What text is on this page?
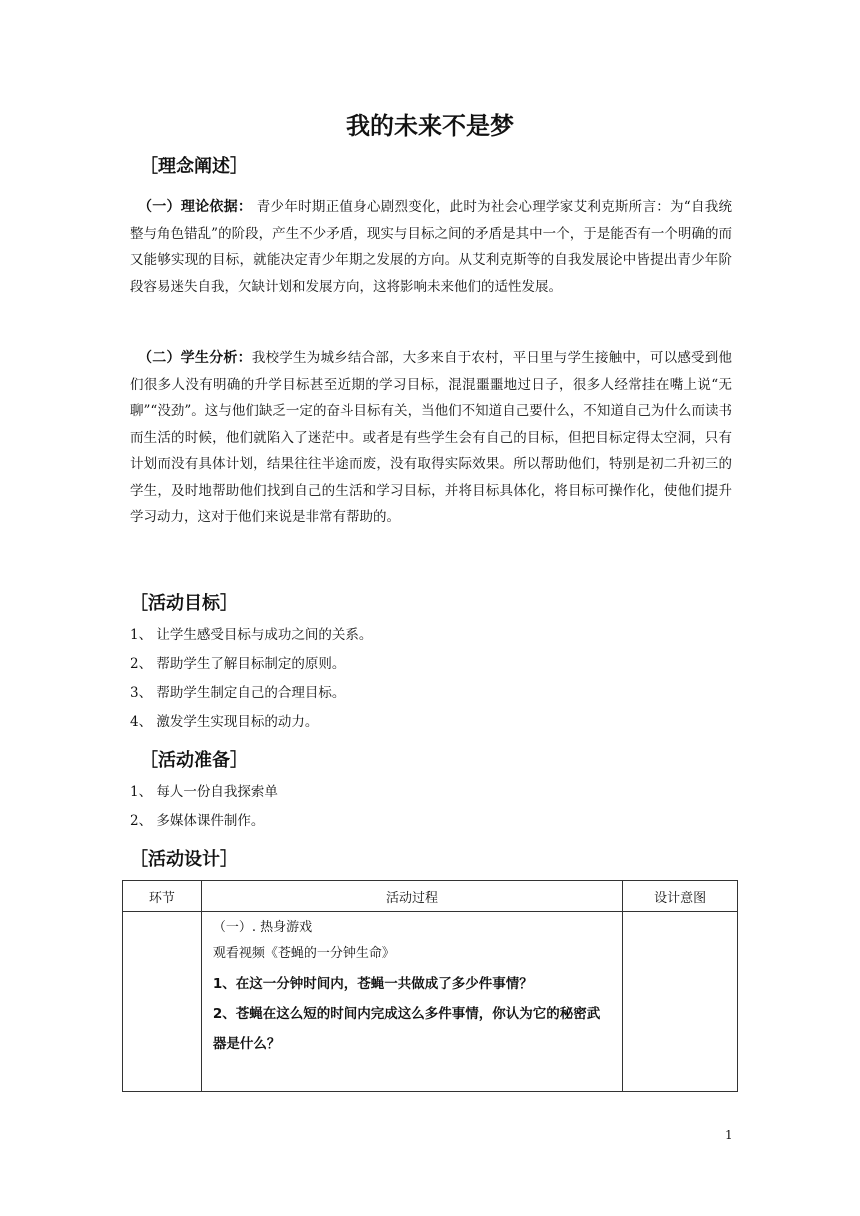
我的未来不是梦
［理念阐述］

（一）理论依据： 青少年时期正值身心剧烈变化，此时为社会心理学家艾利克斯所言：为“自我统整与角色错乱”的阶段，产生不少矛盾，现实与目标之间的矛盾是其中一个，于是能否有一个明确的而又能够实现的目标，就能决定青少年期之发展的方向。从艾利克斯等的自我发展论中皆提出青少年阶段容易迷失自我，欠缺计划和发展方向，这将影响未来他们的适性发展。

（二）学生分析：我校学生为城乡结合部，大多来自于农村，平日里与学生接触中，可以感受到他们很多人没有明确的升学目标甚至近期的学习目标，混混噩噩地过日子，很多人经常挂在嘴上说“无聊”“没劲”。这与他们缺乏一定的奋斗目标有关，当他们不知道自己要什么，不知道自己为什么而读书而生活的时候，他们就陷入了迷茫中。或者是有些学生会有自己的目标，但把目标定得太空洞，只有计划而没有具体计划，结果往往半途而废，没有取得实际效果。所以帮助他们，特别是初二升初三的学生，及时地帮助他们找到自己的生活和学习目标，并将目标具体化，将目标可操作化，使他们提升学习动力，这对于他们来说是非常有帮助的。

［活动目标］
1、 让学生感受目标与成功之间的关系。
2、 帮助学生了解目标制定的原则。
3、 帮助学生制定自己的合理目标。
4、 激发学生实现目标的动力。
［活动准备］
1、 每人一份自我探索单
2、 多媒体课件制作。
［活动设计］
环节	活动过程	设计意图

	（一）. 热身游戏
观看视频《苍蝇的一分钟生命》
1、在这一分钟时间内，苍蝇一共做成了多少件事情？
2、苍蝇在这么短的时间内完成这么多件事情，你认为它的秘密武器是什么？	

1
